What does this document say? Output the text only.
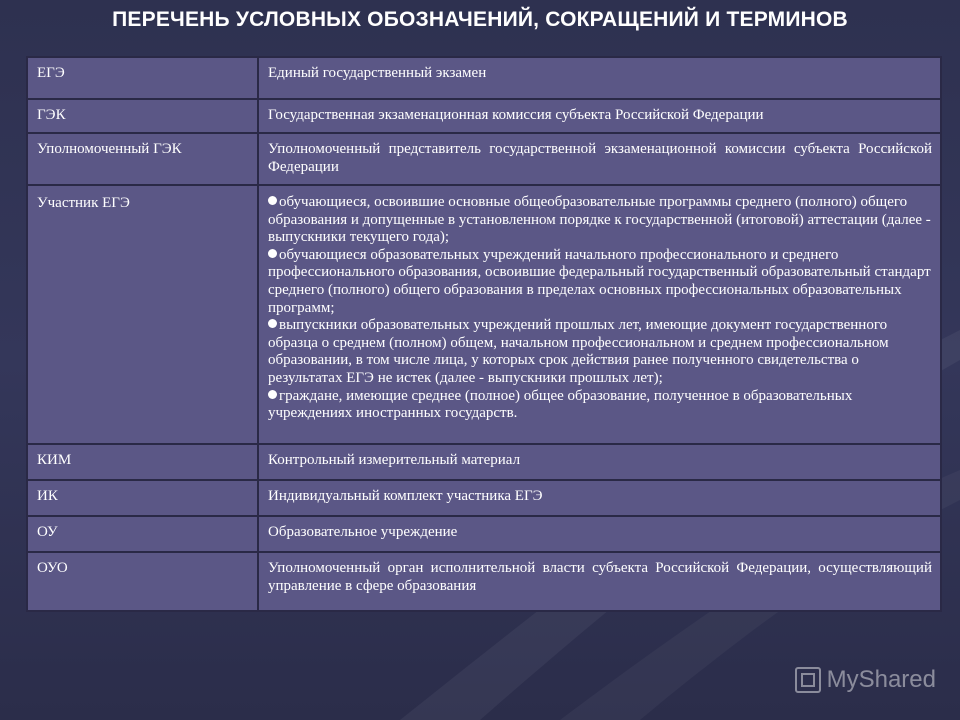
ПЕРЕЧЕНЬ УСЛОВНЫХ ОБОЗНАЧЕНИЙ, СОКРАЩЕНИЙ И ТЕРМИНОВ
ЕГЭ	Единый государственный экзамен
ГЭК	Государственная экзаменационная комиссия субъекта Российской Федерации
Уполномоченный ГЭК	Уполномоченный представитель государственной экзаменационной комиссии субъекта Российской Федерации
Участник ЕГЭ	обучающиеся, освоившие основные общеобразовательные программы среднего (полного) общего образования и допущенные в установленном порядке к государственной (итоговой) аттестации (далее - выпускники текущего года);
обучающиеся образовательных учреждений начального профессионального и среднего профессионального образования, освоившие федеральный государственный образовательный стандарт среднего (полного) общего образования в пределах основных профессиональных образовательных программ;
выпускники образовательных учреждений прошлых лет, имеющие документ государственного образца о среднем (полном) общем, начальном профессиональном и среднем профессиональном образовании, в том числе лица, у которых срок действия ранее полученного свидетельства о результатах ЕГЭ не истек (далее - выпускники прошлых лет);
граждане, имеющие среднее (полное) общее образование, полученное в образовательных учреждениях иностранных государств.

КИМ	Контрольный измерительный материал
ИК	Индивидуальный комплект участника ЕГЭ
ОУ	Образовательное учреждение
ОУО	Уполномоченный орган исполнительной власти субъекта Российской Федерации, осуществляющий управление в сфере образования
MyShared
